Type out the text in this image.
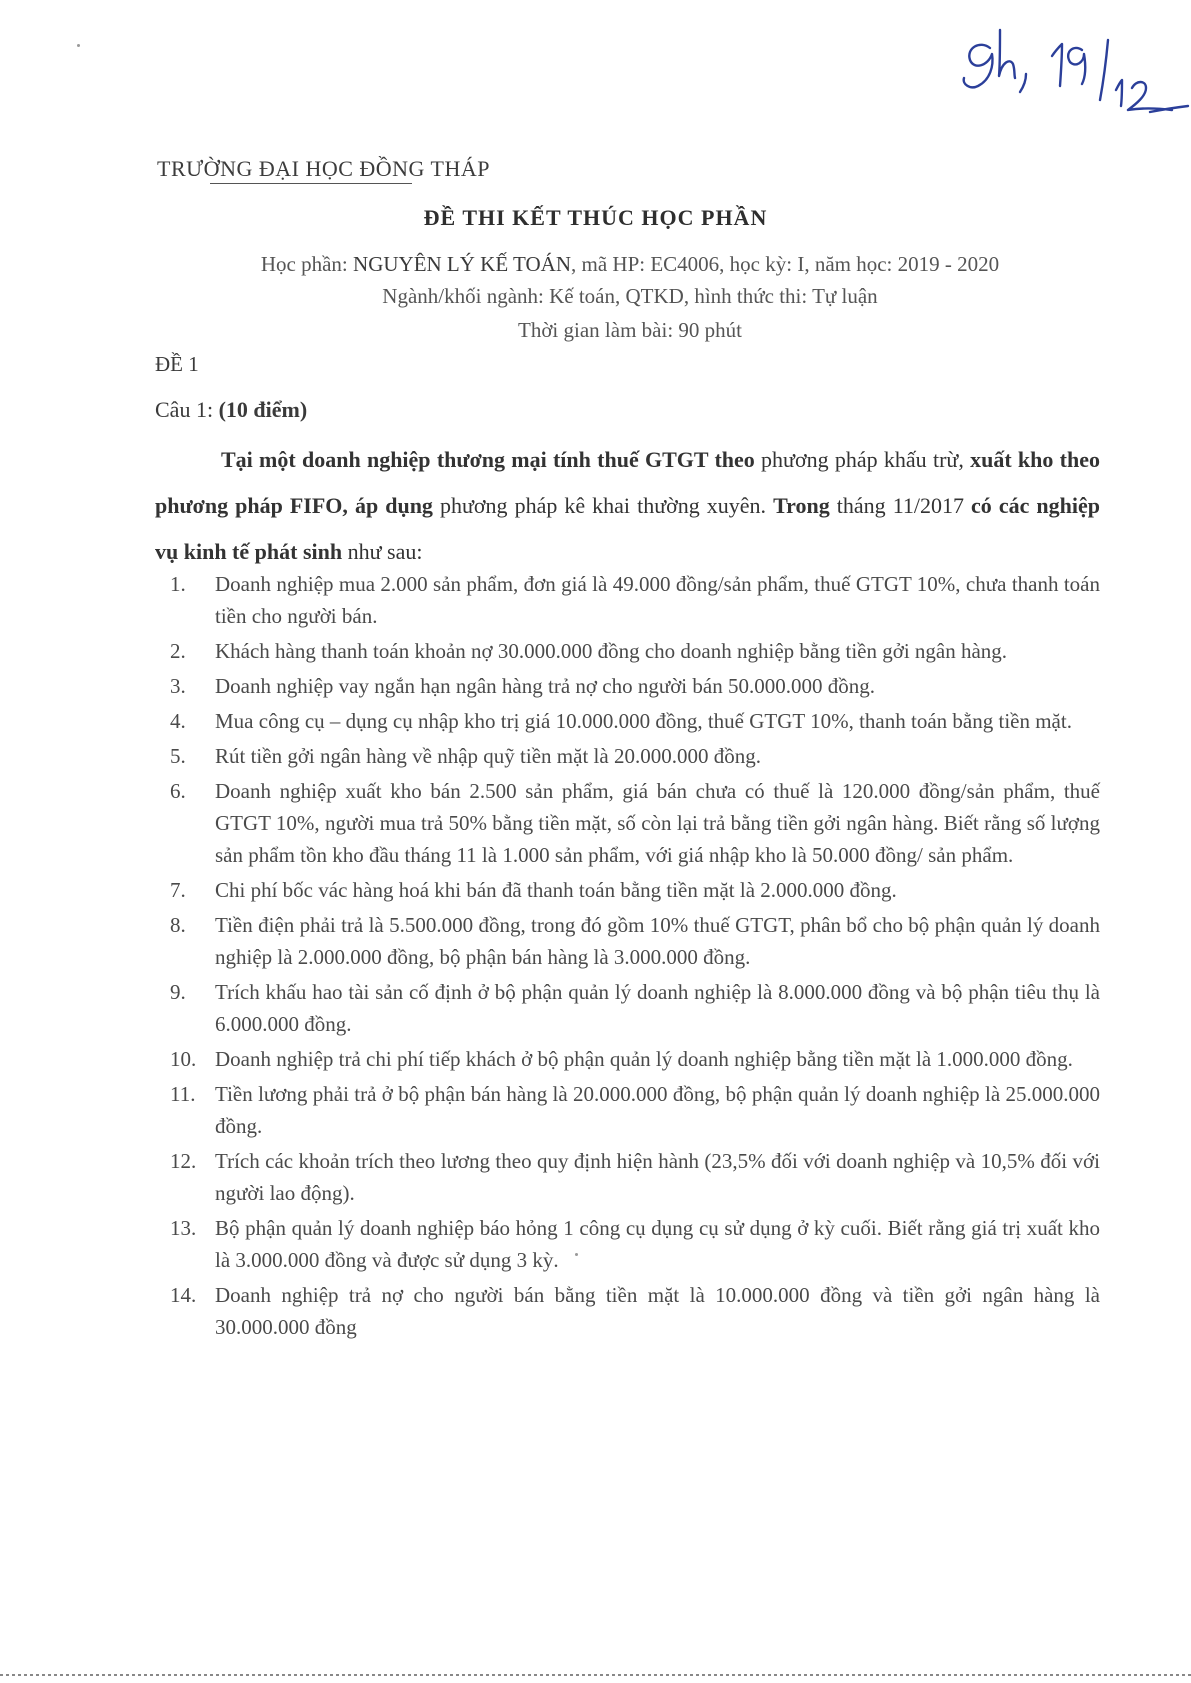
TRƯỜNG ĐẠI HỌC ĐỒNG THÁP
ĐỀ THI KẾT THÚC HỌC PHẦN
Học phần: NGUYÊN LÝ KẾ TOÁN, mã HP: EC4006, học kỳ: I, năm học: 2019 - 2020
Ngành/khối ngành: Kế toán, QTKD, hình thức thi: Tự luận
Thời gian làm bài: 90 phút
ĐỀ 1
Câu 1: (10 điểm)
Tại một doanh nghiệp thương mại tính thuế GTGT theo phương pháp khấu trừ, xuất kho theo phương pháp FIFO, áp dụng phương pháp kê khai thường xuyên. Trong tháng 11/2017 có các nghiệp vụ kinh tế phát sinh như sau:
1.	Doanh nghiệp mua 2.000 sản phẩm, đơn giá là 49.000 đồng/sản phẩm, thuế GTGT 10%, chưa thanh toán tiền cho người bán.
2.	Khách hàng thanh toán khoản nợ 30.000.000 đồng cho doanh nghiệp bằng tiền gởi ngân hàng.
3.	Doanh nghiệp vay ngắn hạn ngân hàng trả nợ cho người bán 50.000.000 đồng.
4.	Mua công cụ – dụng cụ nhập kho trị giá 10.000.000 đồng, thuế GTGT 10%, thanh toán bằng tiền mặt.
5.	Rút tiền gởi ngân hàng về nhập quỹ tiền mặt là 20.000.000 đồng.
6.	Doanh nghiệp xuất kho bán 2.500 sản phẩm, giá bán chưa có thuế là 120.000 đồng/sản phẩm, thuế GTGT 10%, người mua trả 50% bằng tiền mặt, số còn lại trả bằng tiền gởi ngân hàng. Biết rằng số lượng sản phẩm tồn kho đầu tháng 11 là 1.000 sản phẩm, với giá nhập kho là 50.000 đồng/ sản phẩm.
7.	Chi phí bốc vác hàng hoá khi bán đã thanh toán bằng tiền mặt là 2.000.000 đồng.
8.	Tiền điện phải trả là 5.500.000 đồng, trong đó gồm 10% thuế GTGT, phân bổ cho bộ phận quản lý doanh nghiệp là 2.000.000 đồng, bộ phận bán hàng là 3.000.000 đồng.
9.	Trích khấu hao tài sản cố định ở bộ phận quản lý doanh nghiệp là 8.000.000 đồng và bộ phận tiêu thụ là 6.000.000 đồng.
10. Doanh nghiệp trả chi phí tiếp khách ở bộ phận quản lý doanh nghiệp bằng tiền mặt là 1.000.000 đồng.
11. Tiền lương phải trả ở bộ phận bán hàng là 20.000.000 đồng, bộ phận quản lý doanh nghiệp là 25.000.000 đồng.
12. Trích các khoản trích theo lương theo quy định hiện hành (23,5% đối với doanh nghiệp và 10,5% đối với người lao động).
13. Bộ phận quản lý doanh nghiệp báo hỏng 1 công cụ dụng cụ sử dụng ở kỳ cuối. Biết rằng giá trị xuất kho là 3.000.000 đồng và được sử dụng 3 kỳ.
14. Doanh nghiệp trả nợ cho người bán bằng tiền mặt là 10.000.000 đồng và tiền gởi ngân hàng là 30.000.000 đồng
